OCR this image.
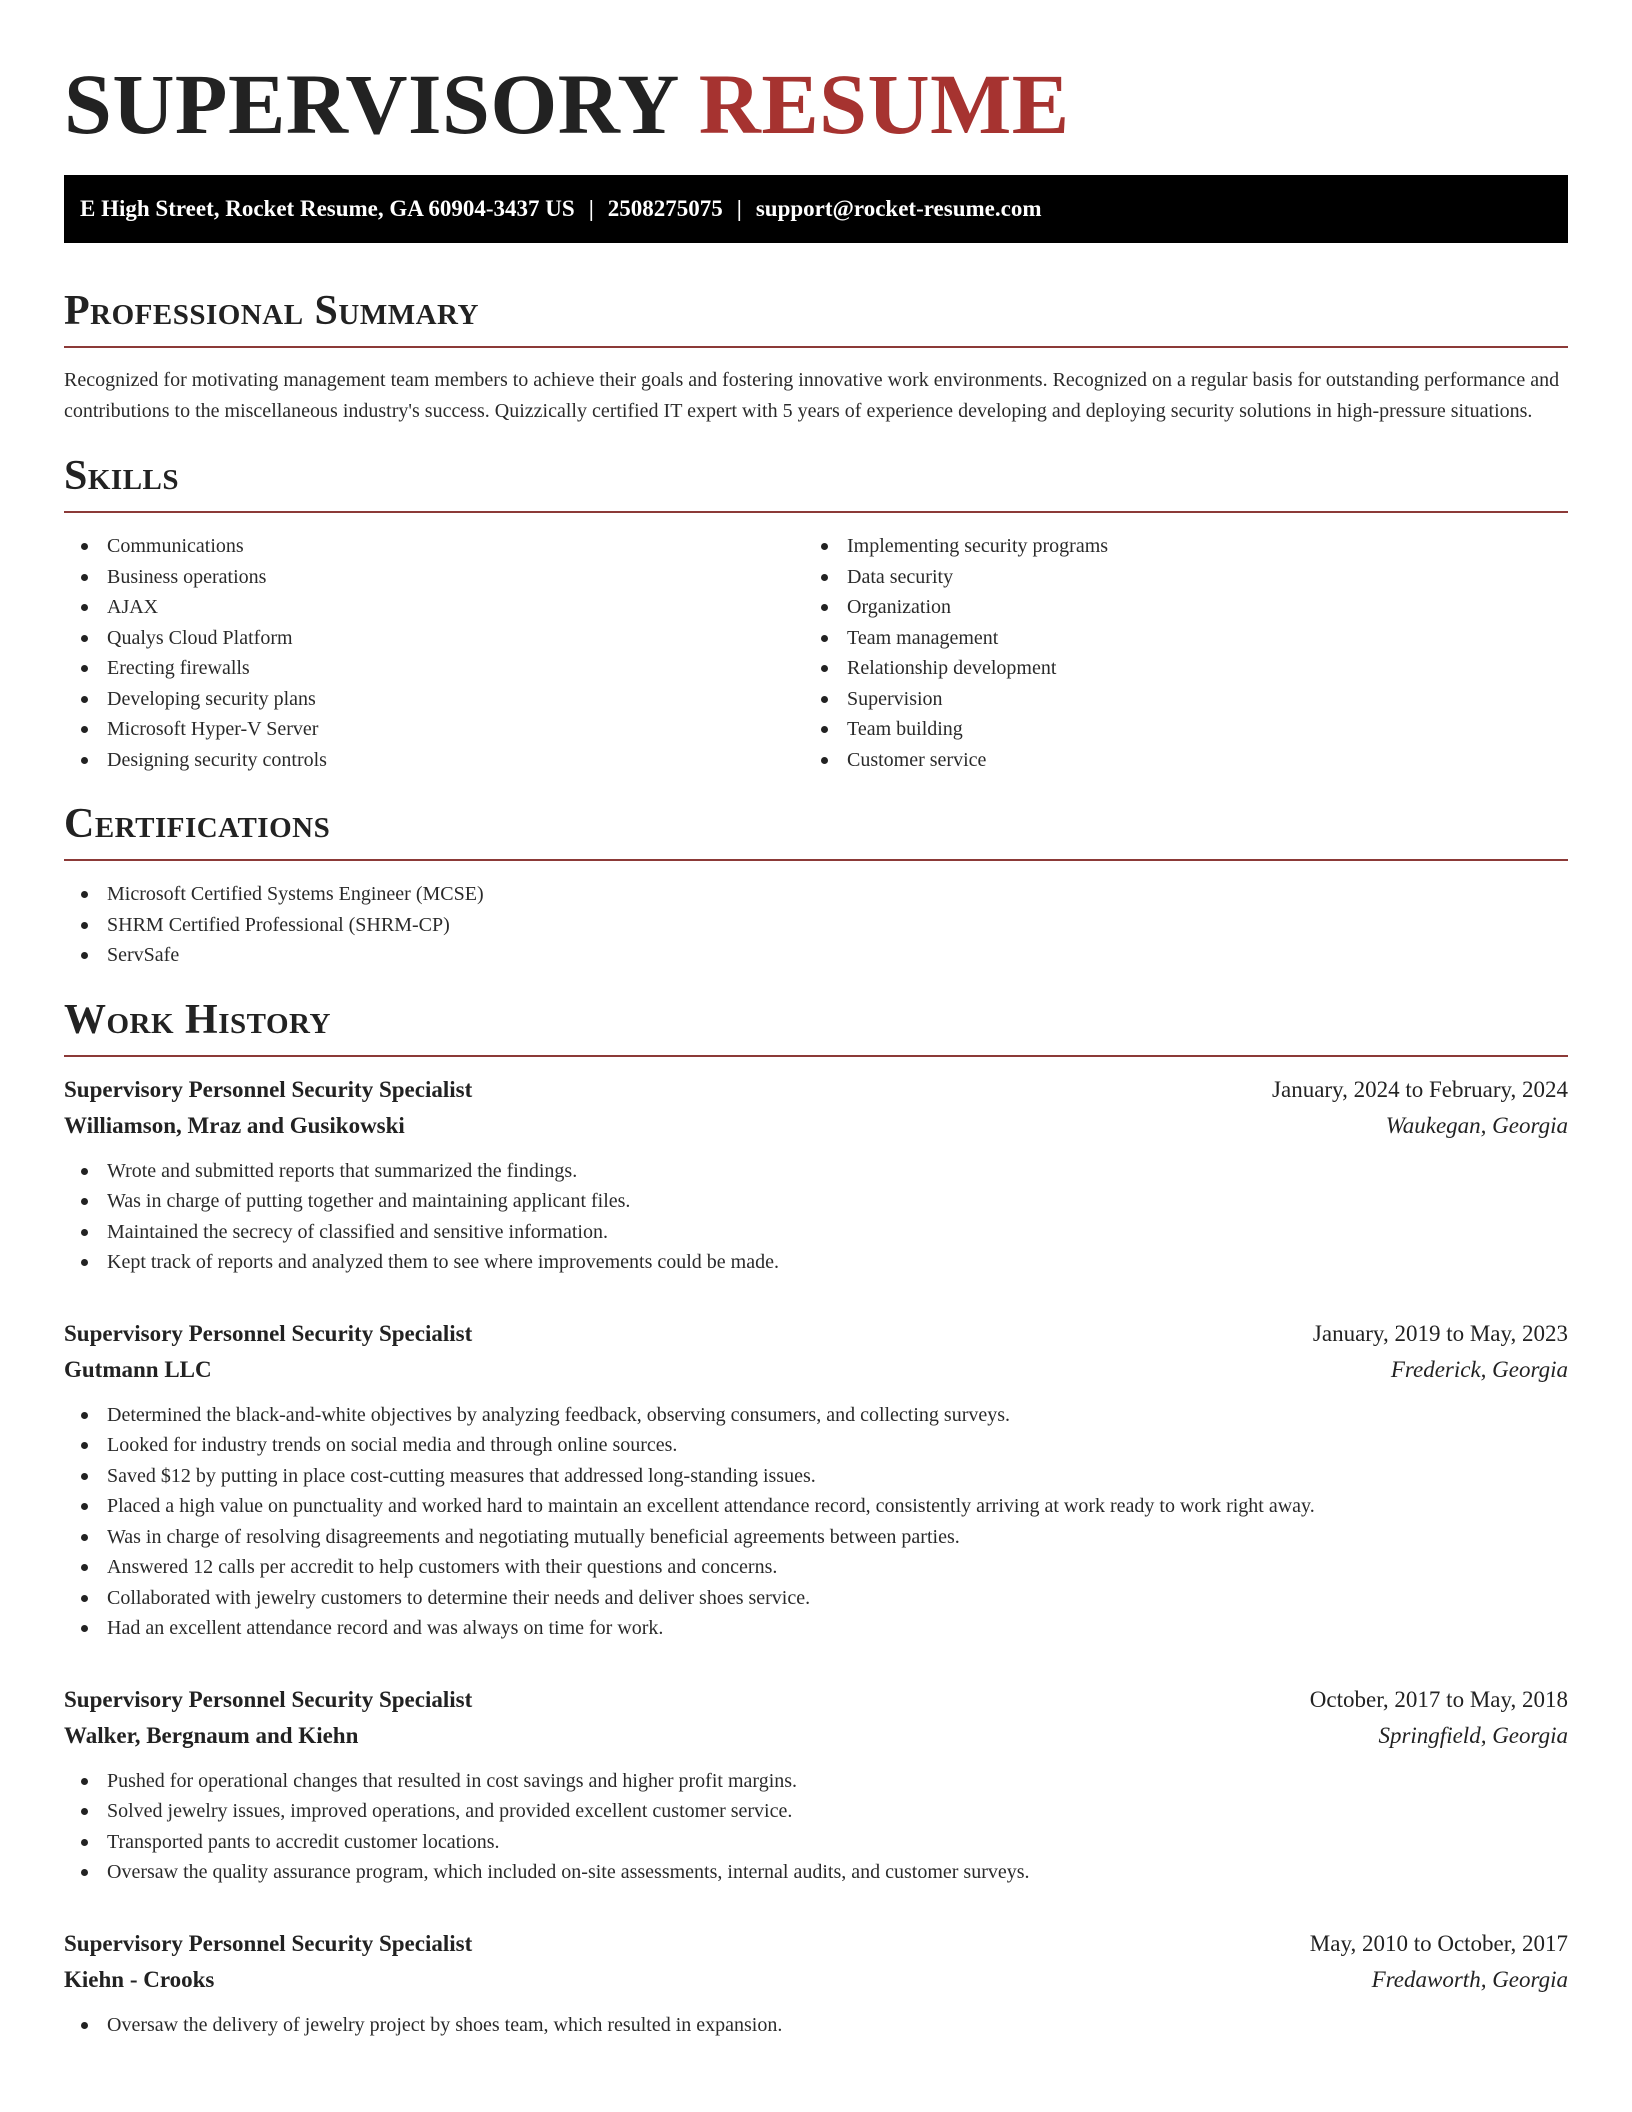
SUPERVISORY RESUME
E High Street, Rocket Resume, GA 60904-3437 US | 2508275075 | support@rocket-resume.com
Professional Summary

Recognized for motivating management team members to achieve their goals and fostering innovative work environments. Recognized on a regular basis for outstanding performance and contributions to the miscellaneous industry's success. Quizzically certified IT expert with 5 years of experience developing and deploying security solutions in high-pressure situations.

Skills
Communications
Business operations
AJAX
Qualys Cloud Platform
Erecting firewalls
Developing security plans
Microsoft Hyper-V Server
Designing security controls
Implementing security programs
Data security
Organization
Team management
Relationship development
Supervision
Team building
Customer service
Certifications
Microsoft Certified Systems Engineer (MCSE)
SHRM Certified Professional (SHRM-CP)
ServSafe
Work History
Supervisory Personnel Security Specialist	January, 2024 to February, 2024
Williamson, Mraz and Gusikowski	Waukegan, Georgia
Wrote and submitted reports that summarized the findings.
Was in charge of putting together and maintaining applicant files.
Maintained the secrecy of classified and sensitive information.
Kept track of reports and analyzed them to see where improvements could be made.
Supervisory Personnel Security Specialist	January, 2019 to May, 2023
Gutmann LLC	Frederick, Georgia
Determined the black-and-white objectives by analyzing feedback, observing consumers, and collecting surveys.
Looked for industry trends on social media and through online sources.
Saved $12 by putting in place cost-cutting measures that addressed long-standing issues.
Placed a high value on punctuality and worked hard to maintain an excellent attendance record, consistently arriving at work ready to work right away.
Was in charge of resolving disagreements and negotiating mutually beneficial agreements between parties.
Answered 12 calls per accredit to help customers with their questions and concerns.
Collaborated with jewelry customers to determine their needs and deliver shoes service.
Had an excellent attendance record and was always on time for work.
Supervisory Personnel Security Specialist	October, 2017 to May, 2018
Walker, Bergnaum and Kiehn	Springfield, Georgia
Pushed for operational changes that resulted in cost savings and higher profit margins.
Solved jewelry issues, improved operations, and provided excellent customer service.
Transported pants to accredit customer locations.
Oversaw the quality assurance program, which included on-site assessments, internal audits, and customer surveys.
Supervisory Personnel Security Specialist	May, 2010 to October, 2017
Kiehn - Crooks	Fredaworth, Georgia
Oversaw the delivery of jewelry project by shoes team, which resulted in expansion.
